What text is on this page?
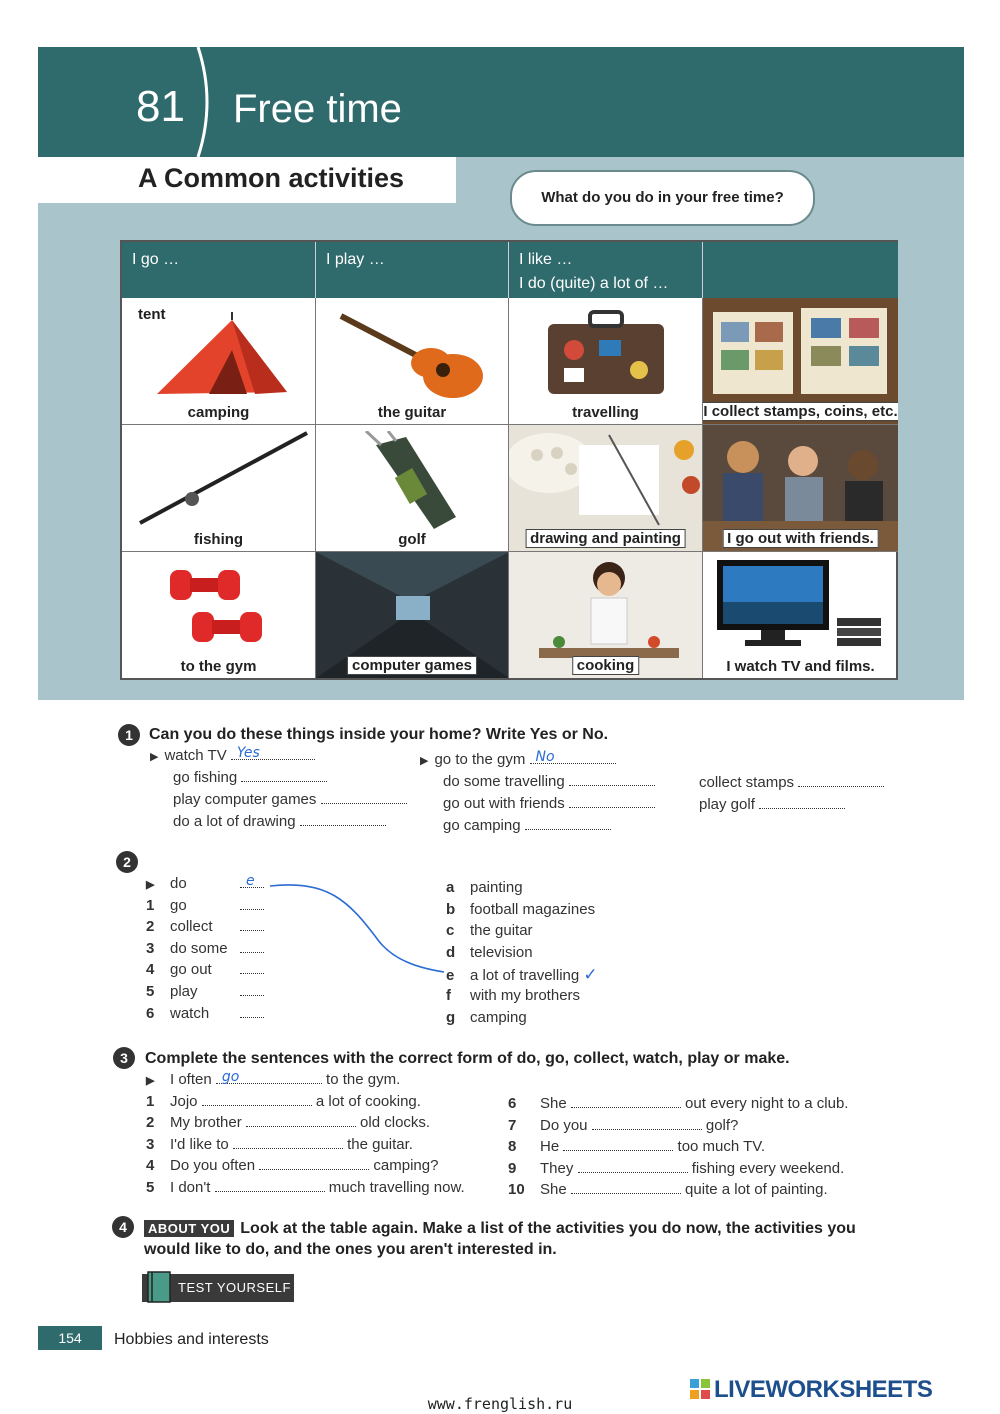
81 Free time
A Common activities
What do you do in your free time?
I go …	I play …	I like …
I do (quite) a lot of …
tent
camping	the guitar	travelling	I collect stamps, coins, etc.
fishing	golf	drawing and painting	I go out with friends.
to the gym	computer games	cooking	I watch TV and films.
1	Can you do these things inside your home? Write Yes or No.
▶ watch TV Yes
go fishing
play computer games
do a lot of drawing
▶ go to the gym No
do some travelling
go out with friends
go camping
collect stamps
play golf
2
▶ do	e
1 go
2 collect
3 do some
4 go out
5 play
6 watch
a painting
b football magazines
c the guitar
d television
e a lot of travelling ✓
f with my brothers
g camping
3	Complete the sentences with the correct form of do, go, collect, watch, play or make.
▶ I often go	to the gym.
1 Jojo	a lot of cooking.
2 My brother	old clocks.
3 I'd like to	the guitar.
4 Do you often	camping?
5 I don't	much travelling now.
6 She	out every night to a club.
7 Do you	golf?
8 He	too much TV.
9 They	fishing every weekend.
10 She	quite a lot of painting.
4	ABOUT YOU Look at the table again. Make a list of the activities you do now, the activities you
would like to do, and the ones you aren't interested in.
TEST YOURSELF
154	Hobbies and interests
www.frenglish.ru
LIVEWORKSHEETS
